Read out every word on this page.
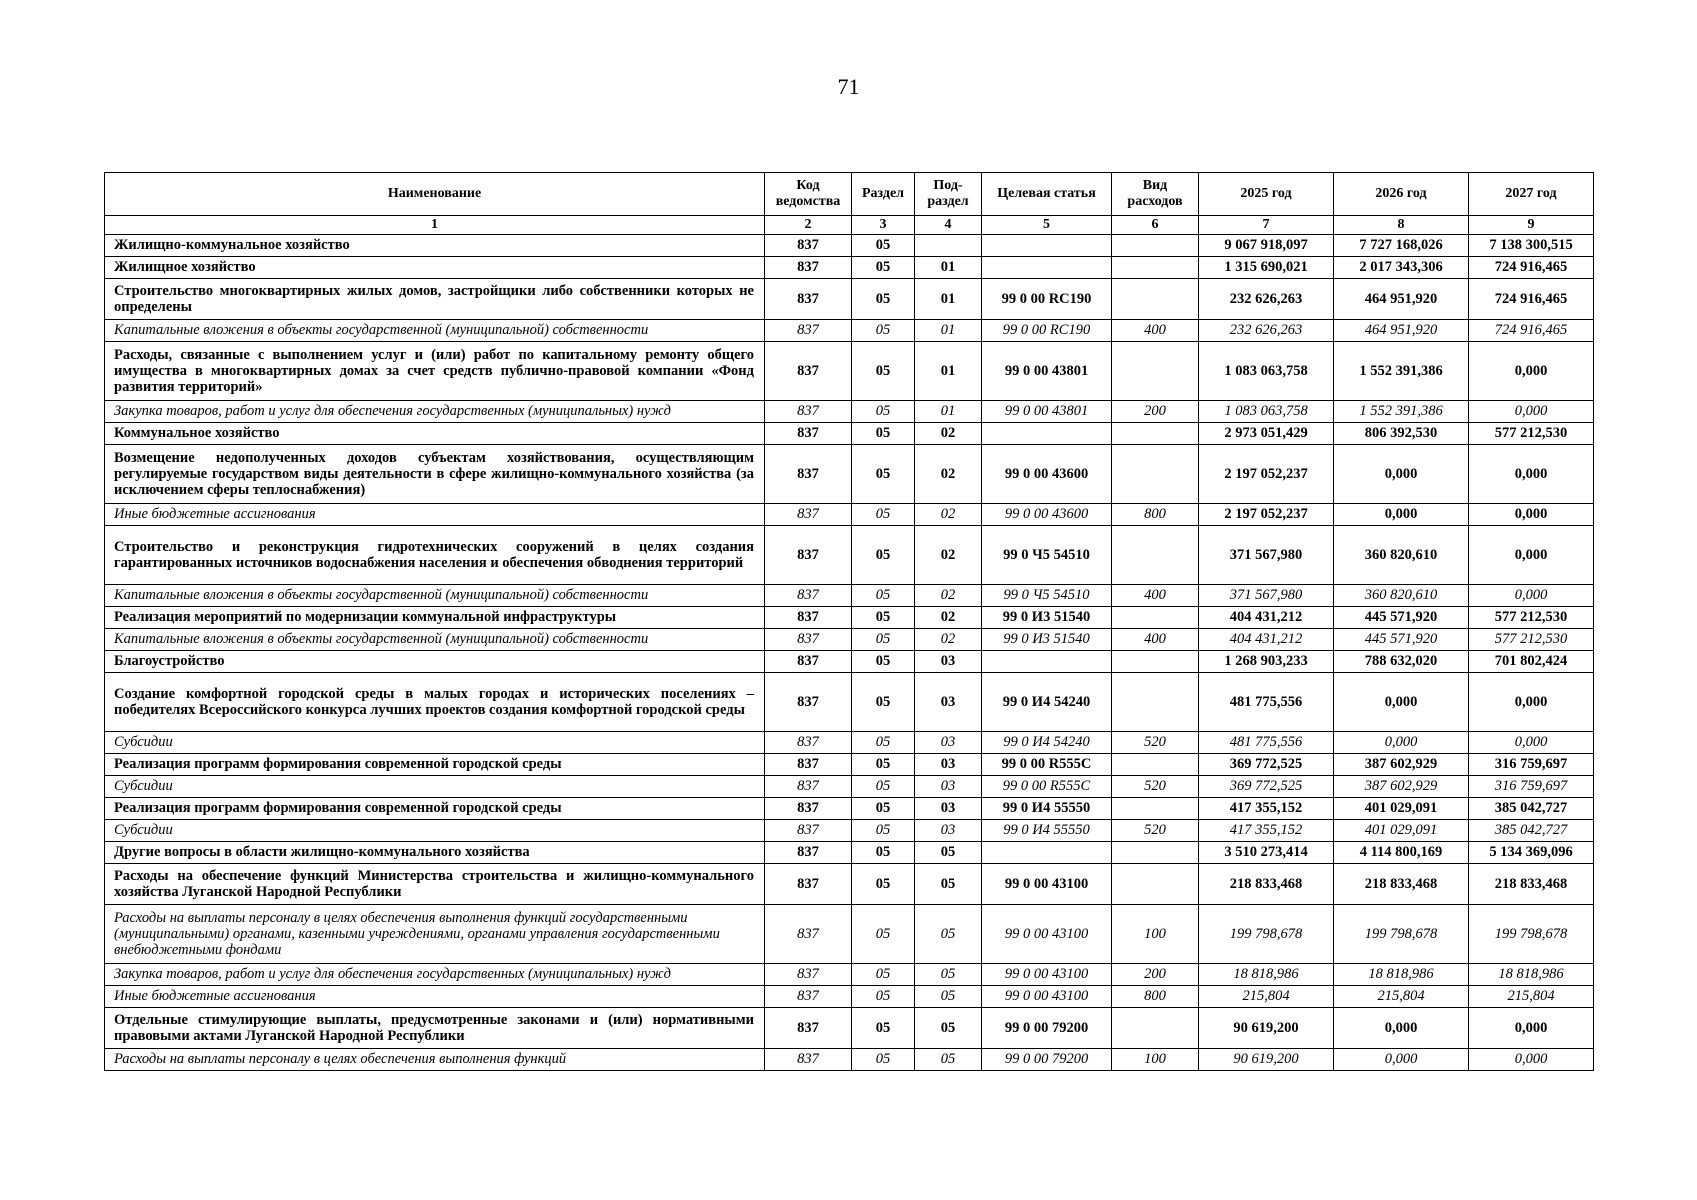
71
Наименование	Код ведомства	Раздел	Под-раздел	Целевая статья	Вид расходов	2025 год	2026 год	2027 год
1	2	3	4	5	6	7	8	9
Жилищно-коммунальное хозяйство	837	05				9 067 918,097	7 727 168,026	7 138 300,515
Жилищное хозяйство	837	05	01			1 315 690,021	2 017 343,306	724 916,465
Строительство многоквартирных жилых домов, застройщики либо собственники которых не определены	837	05	01	99 0 00 RC190		232 626,263	464 951,920	724 916,465
Капитальные вложения в объекты государственной (муниципальной) собственности	837	05	01	99 0 00 RC190	400	232 626,263	464 951,920	724 916,465
Расходы, связанные с выполнением услуг и (или) работ по капитальному ремонту общего имущества в многоквартирных домах за счет средств публично-правовой компании «Фонд развития территорий»	837	05	01	99 0 00 43801		1 083 063,758	1 552 391,386	0,000
Закупка товаров, работ и услуг для обеспечения государственных (муниципальных) нужд	837	05	01	99 0 00 43801	200	1 083 063,758	1 552 391,386	0,000
Коммунальное хозяйство	837	05	02			2 973 051,429	806 392,530	577 212,530
Возмещение недополученных доходов субъектам хозяйствования, осуществляющим регулируемые государством виды деятельности в сфере жилищно-коммунального хозяйства (за исключением сферы теплоснабжения)	837	05	02	99 0 00 43600		2 197 052,237	0,000	0,000
Иные бюджетные ассигнования	837	05	02	99 0 00 43600	800	2 197 052,237	0,000	0,000
Строительство и реконструкция гидротехнических сооружений в целях создания гарантированных источников водоснабжения населения и обеспечения обводнения территорий	837	05	02	99 0 Ч5 54510		371 567,980	360 820,610	0,000
Капитальные вложения в объекты государственной (муниципальной) собственности	837	05	02	99 0 Ч5 54510	400	371 567,980	360 820,610	0,000
Реализация мероприятий по модернизации коммунальной инфраструктуры	837	05	02	99 0 И3 51540		404 431,212	445 571,920	577 212,530
Капитальные вложения в объекты государственной (муниципальной) собственности	837	05	02	99 0 И3 51540	400	404 431,212	445 571,920	577 212,530
Благоустройство	837	05	03			1 268 903,233	788 632,020	701 802,424
Создание комфортной городской среды в малых городах и исторических поселениях – победителях Всероссийского конкурса лучших проектов создания комфортной городской среды	837	05	03	99 0 И4 54240		481 775,556	0,000	0,000
Субсидии	837	05	03	99 0 И4 54240	520	481 775,556	0,000	0,000
Реализация программ формирования современной городской среды	837	05	03	99 0 00 R555C		369 772,525	387 602,929	316 759,697
Субсидии	837	05	03	99 0 00 R555C	520	369 772,525	387 602,929	316 759,697
Реализация программ формирования современной городской среды	837	05	03	99 0 И4 55550		417 355,152	401 029,091	385 042,727
Субсидии	837	05	03	99 0 И4 55550	520	417 355,152	401 029,091	385 042,727
Другие вопросы в области жилищно-коммунального хозяйства	837	05	05			3 510 273,414	4 114 800,169	5 134 369,096
Расходы на обеспечение функций Министерства строительства и жилищно-коммунального хозяйства Луганской Народной Республики	837	05	05	99 0 00 43100		218 833,468	218 833,468	218 833,468
Расходы на выплаты персоналу в целях обеспечения выполнения функций государственными (муниципальными) органами, казенными учреждениями, органами управления государственными внебюджетными фондами	837	05	05	99 0 00 43100	100	199 798,678	199 798,678	199 798,678
Закупка товаров, работ и услуг для обеспечения государственных (муниципальных) нужд	837	05	05	99 0 00 43100	200	18 818,986	18 818,986	18 818,986
Иные бюджетные ассигнования	837	05	05	99 0 00 43100	800	215,804	215,804	215,804
Отдельные стимулирующие выплаты, предусмотренные законами и (или) нормативными правовыми актами Луганской Народной Республики	837	05	05	99 0 00 79200		90 619,200	0,000	0,000
Расходы на выплаты персоналу в целях обеспечения выполнения функций	837	05	05	99 0 00 79200	100	90 619,200	0,000	0,000
